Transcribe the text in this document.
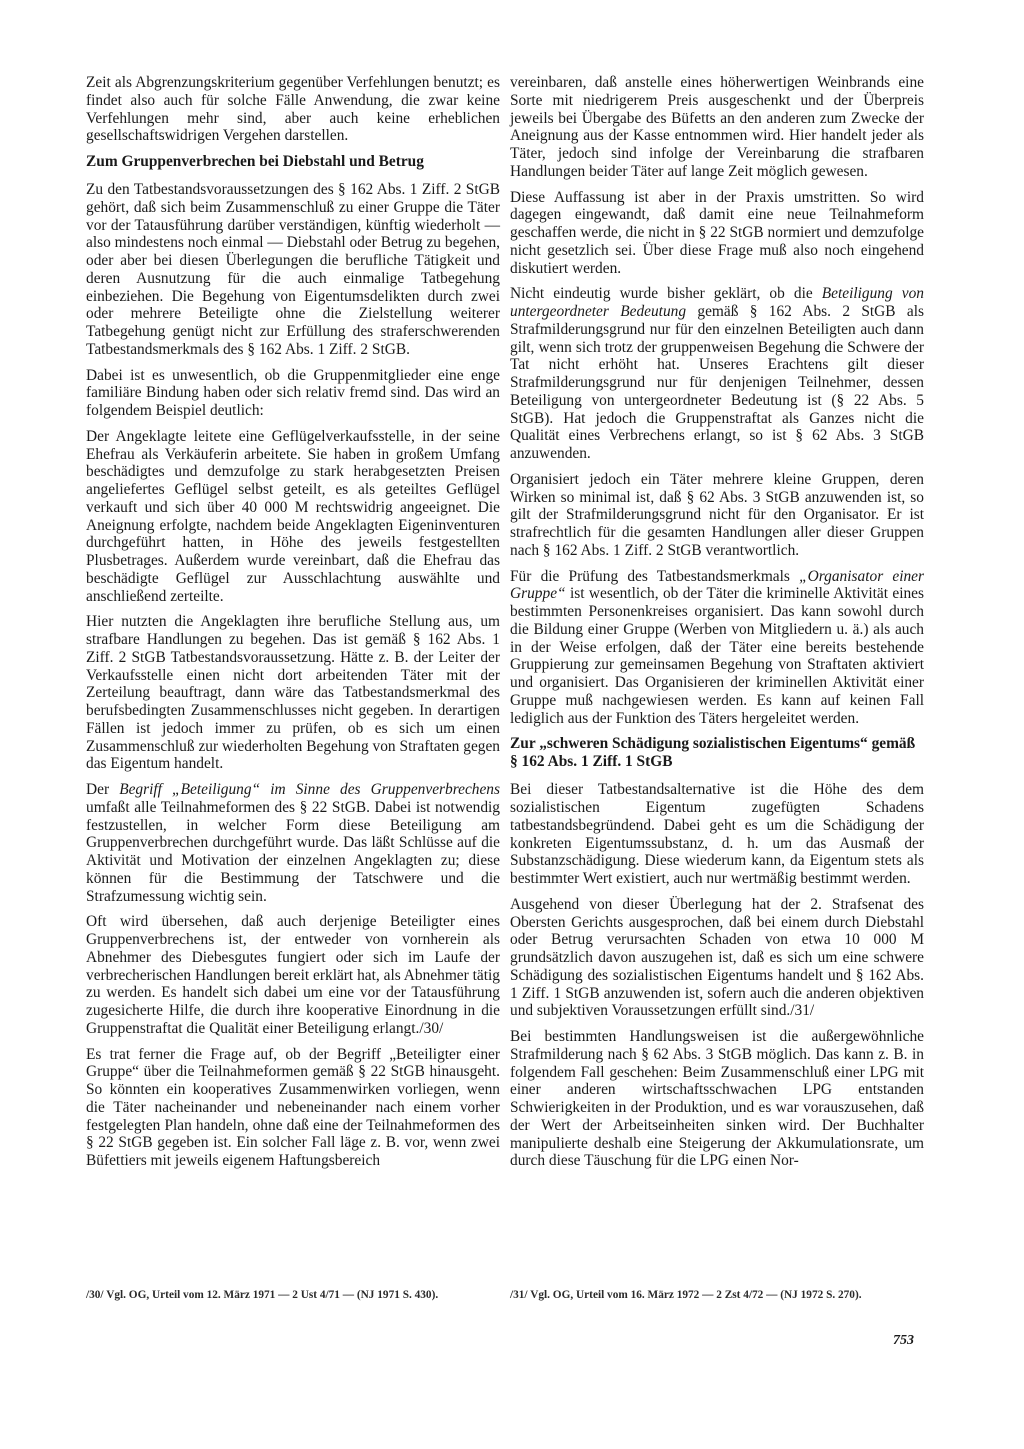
Zeit als Abgrenzungskriterium gegenüber Verfehlungen benutzt; es findet also auch für solche Fälle Anwendung, die zwar keine Verfehlungen mehr sind, aber auch keine erheblichen gesellschaftswidrigen Vergehen darstellen.

Zum Gruppenverbrechen bei Diebstahl und Betrug

Zu den Tatbestandsvoraussetzungen des § 162 Abs. 1 Ziff. 2 StGB gehört, daß sich beim Zusammenschluß zu einer Gruppe die Täter vor der Tatausführung darüber verständigen, künftig wiederholt — also mindestens noch einmal — Diebstahl oder Betrug zu begehen, oder aber bei diesen Überlegungen die berufliche Tätigkeit und deren Ausnutzung für die auch einmalige Tatbegehung einbeziehen. Die Begehung von Eigentumsdelikten durch zwei oder mehrere Beteiligte ohne die Zielstellung weiterer Tatbegehung genügt nicht zur Erfüllung des straferschwerenden Tatbestandsmerkmals des § 162 Abs. 1 Ziff. 2 StGB.

Dabei ist es unwesentlich, ob die Gruppenmitglieder eine enge familiäre Bindung haben oder sich relativ fremd sind. Das wird an folgendem Beispiel deutlich:

Der Angeklagte leitete eine Geflügelverkaufsstelle, in der seine Ehefrau als Verkäuferin arbeitete. Sie haben in großem Umfang beschädigtes und demzufolge zu stark herabgesetzten Preisen angeliefertes Geflügel selbst geteilt, es als geteiltes Geflügel verkauft und sich über 40 000 M rechtswidrig angeeignet. Die Aneignung erfolgte, nachdem beide Angeklagten Eigeninventuren durchgeführt hatten, in Höhe des jeweils festgestellten Plusbetrages. Außerdem wurde vereinbart, daß die Ehefrau das beschädigte Geflügel zur Ausschlachtung auswählte und anschließend zerteilte.

Hier nutzten die Angeklagten ihre berufliche Stellung aus, um strafbare Handlungen zu begehen. Das ist gemäß § 162 Abs. 1 Ziff. 2 StGB Tatbestandsvoraussetzung. Hätte z. B. der Leiter der Verkaufsstelle einen nicht dort arbeitenden Täter mit der Zerteilung beauftragt, dann wäre das Tatbestandsmerkmal des berufsbedingten Zusammenschlusses nicht gegeben. In derartigen Fällen ist jedoch immer zu prüfen, ob es sich um einen Zusammenschluß zur wiederholten Begehung von Straftaten gegen das Eigentum handelt.

Der Begriff „Beteiligung“ im Sinne des Gruppenverbrechens umfaßt alle Teilnahmeformen des § 22 StGB. Dabei ist notwendig festzustellen, in welcher Form diese Beteiligung am Gruppenverbrechen durchgeführt wurde. Das läßt Schlüsse auf die Aktivität und Motivation der einzelnen Angeklagten zu; diese können für die Bestimmung der Tatschwere und die Strafzumessung wichtig sein.

Oft wird übersehen, daß auch derjenige Beteiligter eines Gruppenverbrechens ist, der entweder von vornherein als Abnehmer des Diebesgutes fungiert oder sich im Laufe der verbrecherischen Handlungen bereit erklärt hat, als Abnehmer tätig zu werden. Es handelt sich dabei um eine vor der Tatausführung zugesicherte Hilfe, die durch ihre kooperative Einordnung in die Gruppenstraftat die Qualität einer Beteiligung erlangt./30/

Es trat ferner die Frage auf, ob der Begriff „Beteiligter einer Gruppe“ über die Teilnahmeformen gemäß § 22 StGB hinausgeht. So könnten ein kooperatives Zusammenwirken vorliegen, wenn die Täter nacheinander und nebeneinander nach einem vorher festgelegten Plan handeln, ohne daß eine der Teilnahmeformen des § 22 StGB gegeben ist. Ein solcher Fall läge z. B. vor, wenn zwei Büfettiers mit jeweils eigenem Haftungsbereich

vereinbaren, daß anstelle eines höherwertigen Weinbrands eine Sorte mit niedrigerem Preis ausgeschenkt und der Überpreis jeweils bei Übergabe des Büfetts an den anderen zum Zwecke der Aneignung aus der Kasse entnommen wird. Hier handelt jeder als Täter, jedoch sind infolge der Vereinbarung die strafbaren Handlungen beider Täter auf lange Zeit möglich gewesen.

Diese Auffassung ist aber in der Praxis umstritten. So wird dagegen eingewandt, daß damit eine neue Teilnahmeform geschaffen werde, die nicht in § 22 StGB normiert und demzufolge nicht gesetzlich sei. Über diese Frage muß also noch eingehend diskutiert werden.

Nicht eindeutig wurde bisher geklärt, ob die Beteiligung von untergeordneter Bedeutung gemäß § 162 Abs. 2 StGB als Strafmilderungsgrund nur für den einzelnen Beteiligten auch dann gilt, wenn sich trotz der gruppenweisen Begehung die Schwere der Tat nicht erhöht hat. Unseres Erachtens gilt dieser Strafmilderungsgrund nur für denjenigen Teilnehmer, dessen Beteiligung von untergeordneter Bedeutung ist (§ 22 Abs. 5 StGB). Hat jedoch die Gruppenstraftat als Ganzes nicht die Qualität eines Verbrechens erlangt, so ist § 62 Abs. 3 StGB anzuwenden.

Organisiert jedoch ein Täter mehrere kleine Gruppen, deren Wirken so minimal ist, daß § 62 Abs. 3 StGB anzuwenden ist, so gilt der Strafmilderungsgrund nicht für den Organisator. Er ist strafrechtlich für die gesamten Handlungen aller dieser Gruppen nach § 162 Abs. 1 Ziff. 2 StGB verantwortlich.

Für die Prüfung des Tatbestandsmerkmals „Organisator einer Gruppe“ ist wesentlich, ob der Täter die kriminelle Aktivität eines bestimmten Personenkreises organisiert. Das kann sowohl durch die Bildung einer Gruppe (Werben von Mitgliedern u. ä.) als auch in der Weise erfolgen, daß der Täter eine bereits bestehende Gruppierung zur gemeinsamen Begehung von Straftaten aktiviert und organisiert. Das Organisieren der kriminellen Aktivität einer Gruppe muß nachgewiesen werden. Es kann auf keinen Fall lediglich aus der Funktion des Täters hergeleitet werden.

Zur „schweren Schädigung sozialistischen Eigentums“ gemäß § 162 Abs. 1 Ziff. 1 StGB

Bei dieser Tatbestandsalternative ist die Höhe des dem sozialistischen Eigentum zugefügten Schadens tatbestandsbegründend. Dabei geht es um die Schädigung der konkreten Eigentumssubstanz, d. h. um das Ausmaß der Substanzschädigung. Diese wiederum kann, da Eigentum stets als bestimmter Wert existiert, auch nur wertmäßig bestimmt werden.

Ausgehend von dieser Überlegung hat der 2. Strafsenat des Obersten Gerichts ausgesprochen, daß bei einem durch Diebstahl oder Betrug verursachten Schaden von etwa 10 000 M grundsätzlich davon auszugehen ist, daß es sich um eine schwere Schädigung des sozialistischen Eigentums handelt und § 162 Abs. 1 Ziff. 1 StGB anzuwenden ist, sofern auch die anderen objektiven und subjektiven Voraussetzungen erfüllt sind./31/

Bei bestimmten Handlungsweisen ist die außergewöhnliche Strafmilderung nach § 62 Abs. 3 StGB möglich. Das kann z. B. in folgendem Fall geschehen: Beim Zusammenschluß einer LPG mit einer anderen wirtschaftsschwachen LPG entstanden Schwierigkeiten in der Produktion, und es war vorauszusehen, daß der Wert der Arbeitseinheiten sinken wird. Der Buchhalter manipulierte deshalb eine Steigerung der Akkumulationsrate, um durch diese Täuschung für die LPG einen Nor-

/30/ Vgl. OG, Urteil vom 12. März 1971 — 2 Ust 4/71 — (NJ 1971 S. 430).	/31/ Vgl. OG, Urteil vom 16. März 1972 — 2 Zst 4/72 — (NJ 1972 S. 270).

753
